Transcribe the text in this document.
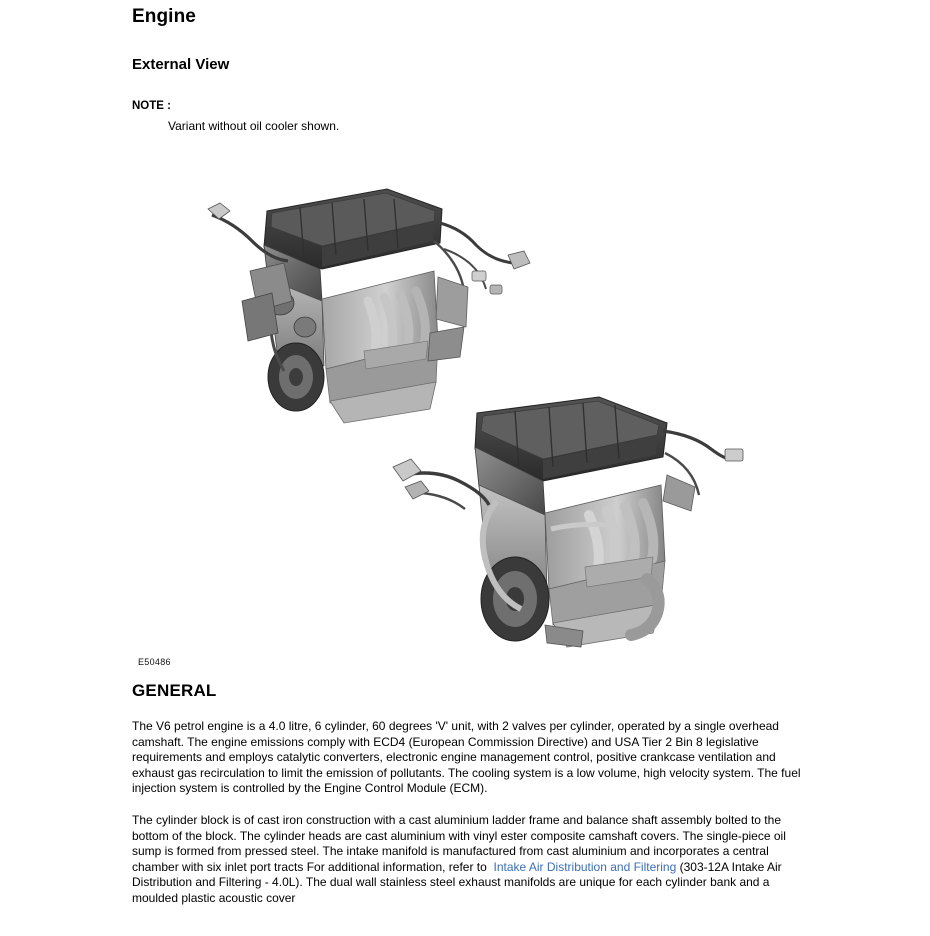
Engine
External View
NOTE :
Variant without oil cooler shown.
E50486
GENERAL

The V6 petrol engine is a 4.0 litre, 6 cylinder, 60 degrees 'V' unit, with 2 valves per cylinder, operated by a single overhead camshaft. The engine emissions comply with ECD4 (European Commission Directive) and USA Tier 2 Bin 8 legislative requirements and employs catalytic converters, electronic engine management control, positive crankcase ventilation and exhaust gas recirculation to limit the emission of pollutants. The cooling system is a low volume, high velocity system. The fuel injection system is controlled by the Engine Control Module (ECM).

The cylinder block is of cast iron construction with a cast aluminium ladder frame and balance shaft assembly bolted to the bottom of the block. The cylinder heads are cast aluminium with vinyl ester composite camshaft covers. The single-piece oil sump is formed from pressed steel. The intake manifold is manufactured from cast aluminium and incorporates a central chamber with six inlet port tracts For additional information, refer to Intake Air Distribution and Filtering (303-12A Intake Air Distribution and Filtering - 4.0L). The dual wall stainless steel exhaust manifolds are unique for each cylinder bank and a moulded plastic acoustic cover
